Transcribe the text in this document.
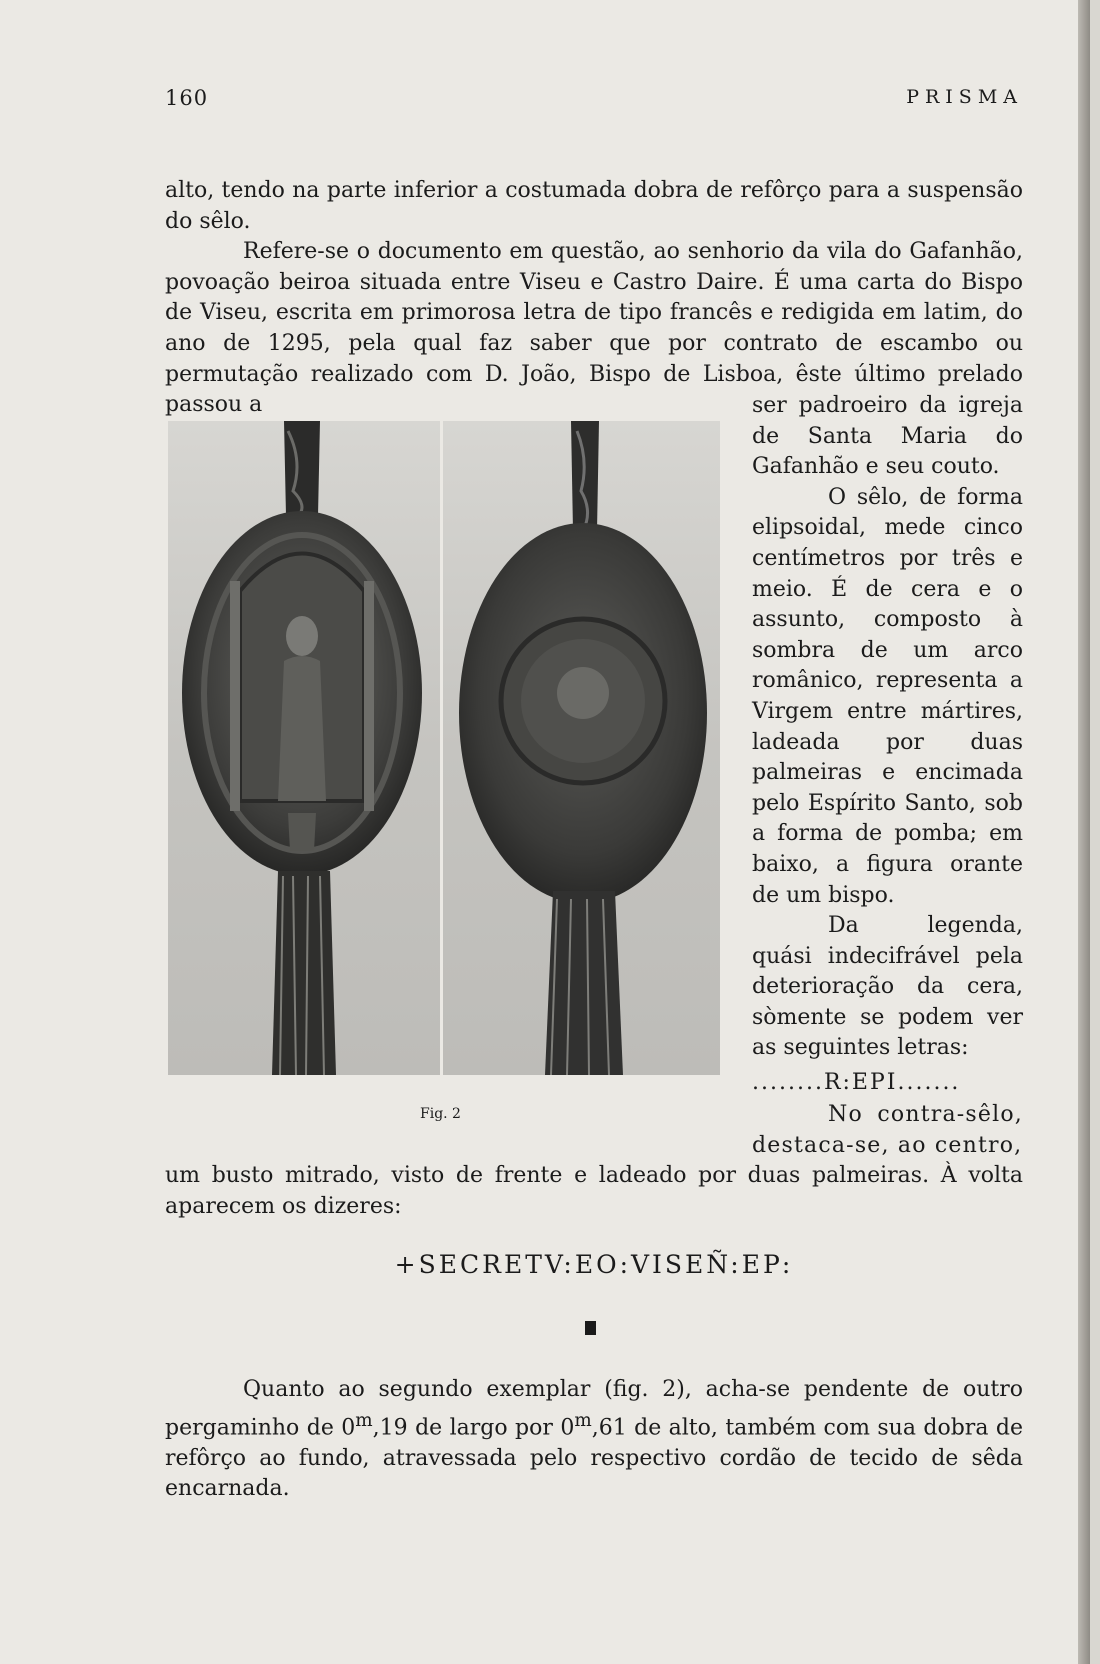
160	PRISMA

alto, tendo na parte inferior a costumada dobra de refôrço para a suspensão do sêlo.

Refere-se o documento em questão, ao senhorio da vila do Gafanhão, povoação beiroa situada entre Viseu e Castro Daire. É uma carta do Bispo de Viseu, escrita em primorosa letra de tipo francês e redigida em latim, do ano de 1295, pela qual faz saber que por contrato de escambo ou permutação realizado com D. João, Bispo de Lisboa, êste último prelado passou a	ser padroeiro da igreja de Santa Maria do Gafanhão e seu couto.

O sêlo, de forma elipsoidal, mede cinco centímetros por três e meio. É de cera e o assunto, composto à sombra de um arco românico, representa a Virgem entre mártires, ladeada por duas palmeiras e encimada pelo Espírito Santo, sob a forma de pomba; em baixo, a figura orante de um bispo.

Da legenda, quási indecifrável pela deterioração da cera, sòmente se podem ver as seguintes letras:

........R:EPI.......

Fig. 2	No contra-sêlo, destaca-se, ao centro,

um busto mitrado, visto de frente e ladeado por duas palmeiras. À volta aparecem os dizeres:

+SECRETV:EO:VISEÑ:EP:

Quanto ao segundo exemplar (fig. 2), acha-se pendente de outro pergaminho de 0$^m$,19 de largo por 0$^m$,61 de alto, também com sua dobra de refôrço ao fundo, atravessada pelo respectivo cordão de tecido de sêda encarnada.
